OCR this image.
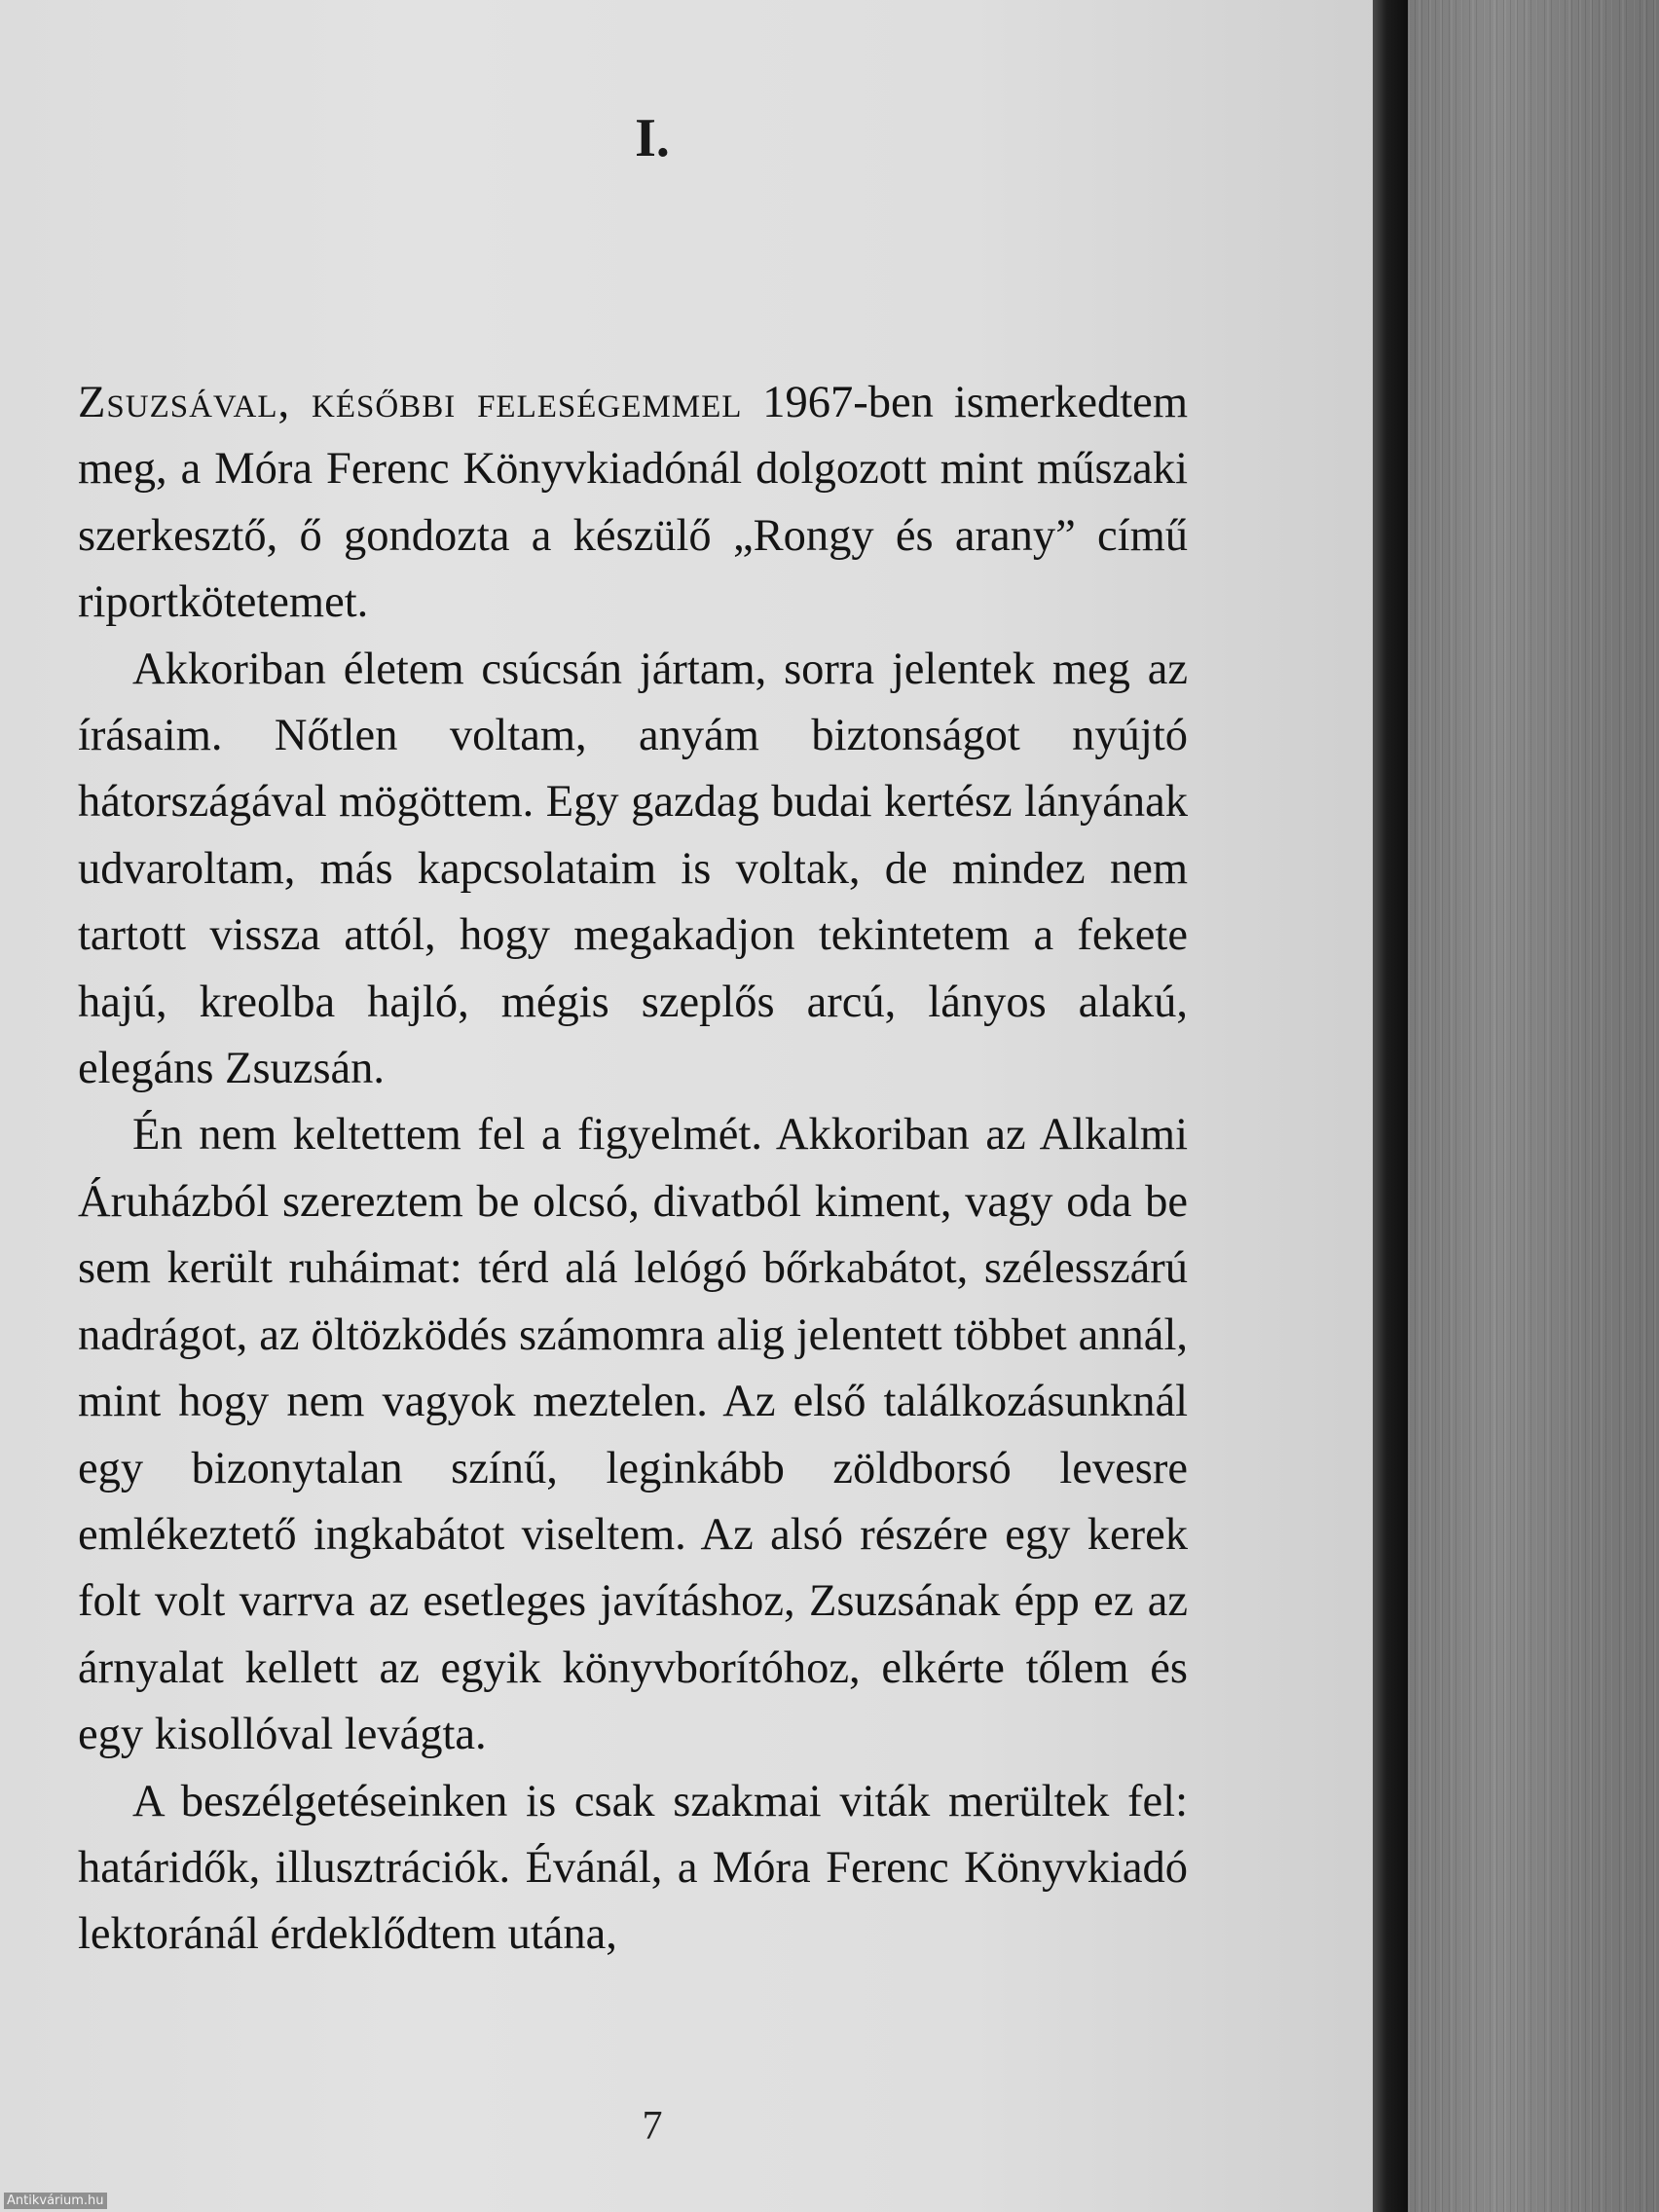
I.

Zsuzsával, későbbi feleségemmel 1967-ben ismerkedtem meg, a Móra Ferenc Könyvkiadónál dolgozott mint műszaki szerkesztő, ő gondozta a készülő „Rongy és arany” című riportkötetemet.

Akkoriban életem csúcsán jártam, sorra jelentek meg az írásaim. Nőtlen voltam, anyám biztonságot nyújtó hátországával mögöttem. Egy gazdag budai kertész lányának udvaroltam, más kapcsolataim is voltak, de mindez nem tartott vissza attól, hogy megakadjon tekintetem a fekete hajú, kreolba hajló, mégis szeplős arcú, lányos alakú, elegáns Zsuzsán.

Én nem keltettem fel a figyelmét. Akkoriban az Alkalmi Áruházból szereztem be olcsó, divatból kiment, vagy oda be sem került ruháimat: térd alá lelógó bőrkabátot, szélesszárú nadrágot, az öltözködés számomra alig jelentett többet annál, mint hogy nem vagyok meztelen. Az első találkozásunknál egy bizonytalan színű, leginkább zöldborsó levesre emlékeztető ingkabátot viseltem. Az alsó részére egy kerek folt volt varrva az esetleges javításhoz, Zsuzsának épp ez az árnyalat kellett az egyik könyvborítóhoz, elkérte tőlem és egy kisollóval levágta.

A beszélgetéseinken is csak szakmai viták merültek fel: határidők, illusztrációk. Évánál, a Móra Ferenc Könyvkiadó lektoránál érdeklődtem utána,

7
Antikvárium.hu
